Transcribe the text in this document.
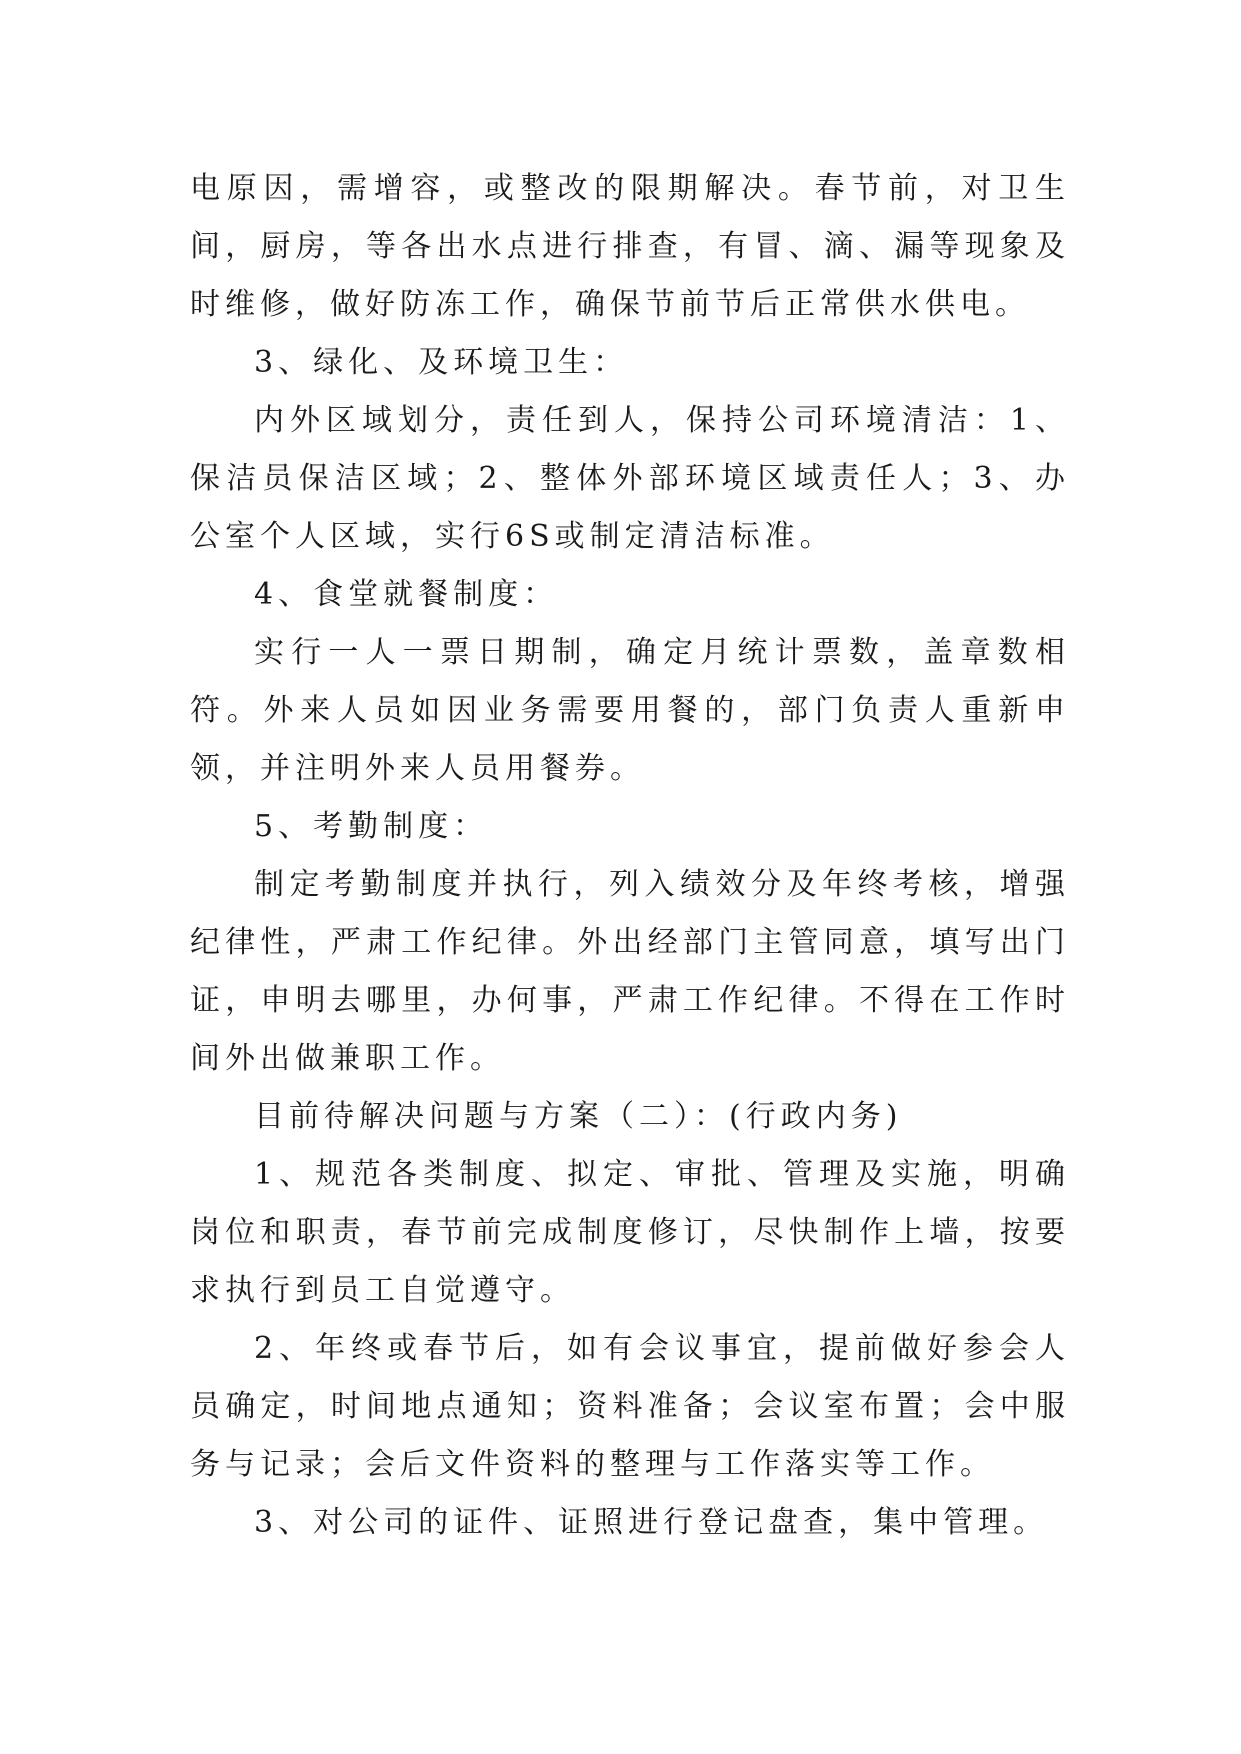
电原因，需增容，或整改的限期解决。春节前，对卫生间，厨房，等各出水点进行排查，有冒、滴、漏等现象及时维修，做好防冻工作，确保节前节后正常供水供电。

3、绿化、及环境卫生：

内外区域划分，责任到人，保持公司环境清洁：1、保洁员保洁区域；2、整体外部环境区域责任人；3、办公室个人区域，实行6S或制定清洁标准。

4、食堂就餐制度：

实行一人一票日期制，确定月统计票数，盖章数相符。外来人员如因业务需要用餐的，部门负责人重新申领，并注明外来人员用餐券。

5、考勤制度：

制定考勤制度并执行，列入绩效分及年终考核，增强纪律性，严肃工作纪律。外出经部门主管同意，填写出门证，申明去哪里，办何事，严肃工作纪律。不得在工作时间外出做兼职工作。

目前待解决问题与方案（二）：(行政内务)

1、规范各类制度、拟定、审批、管理及实施，明确岗位和职责，春节前完成制度修订，尽快制作上墙，按要求执行到员工自觉遵守。

2、年终或春节后，如有会议事宜，提前做好参会人员确定，时间地点通知；资料准备；会议室布置；会中服务与记录；会后文件资料的整理与工作落实等工作。

3、对公司的证件、证照进行登记盘查，集中管理。
